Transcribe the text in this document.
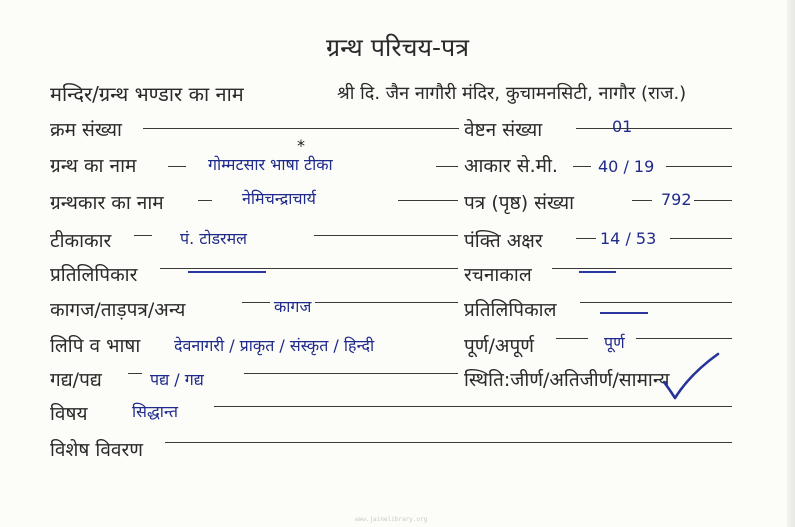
ग्रन्थ परिचय-पत्र
मन्दिर/ग्रन्थ भण्डार का नाम	श्री दि. जैन नागौरी मंदिर, कुचामनसिटी, नागौर (राज.)
क्रम संख्या	वेष्टन संख्या	01
*
ग्रन्थ का नाम	गोम्मटसार भाषा टीका	आकार से.मी.	40 / 19
ग्रन्थकार का नाम	नेमिचन्द्राचार्य	पत्र (पृष्ठ) संख्या	792
टीकाकार	पं. टोडरमल	पंक्ति अक्षर	14 / 53
प्रतिलिपिकार	रचनाकाल
कागज/ताड़पत्र/अन्य	कागज	प्रतिलिपिकाल
लिपि व भाषा देवनागरी / प्राकृत / संस्कृत / हिन्दी	पूर्ण/अपूर्ण	पूर्ण
गद्य/पद्य	पद्य / गद्य	स्थिति:जीर्ण/अतिजीर्ण/सामान्य
विषय	सिद्धान्त
विशेष विवरण
www.jainelibrary.org
